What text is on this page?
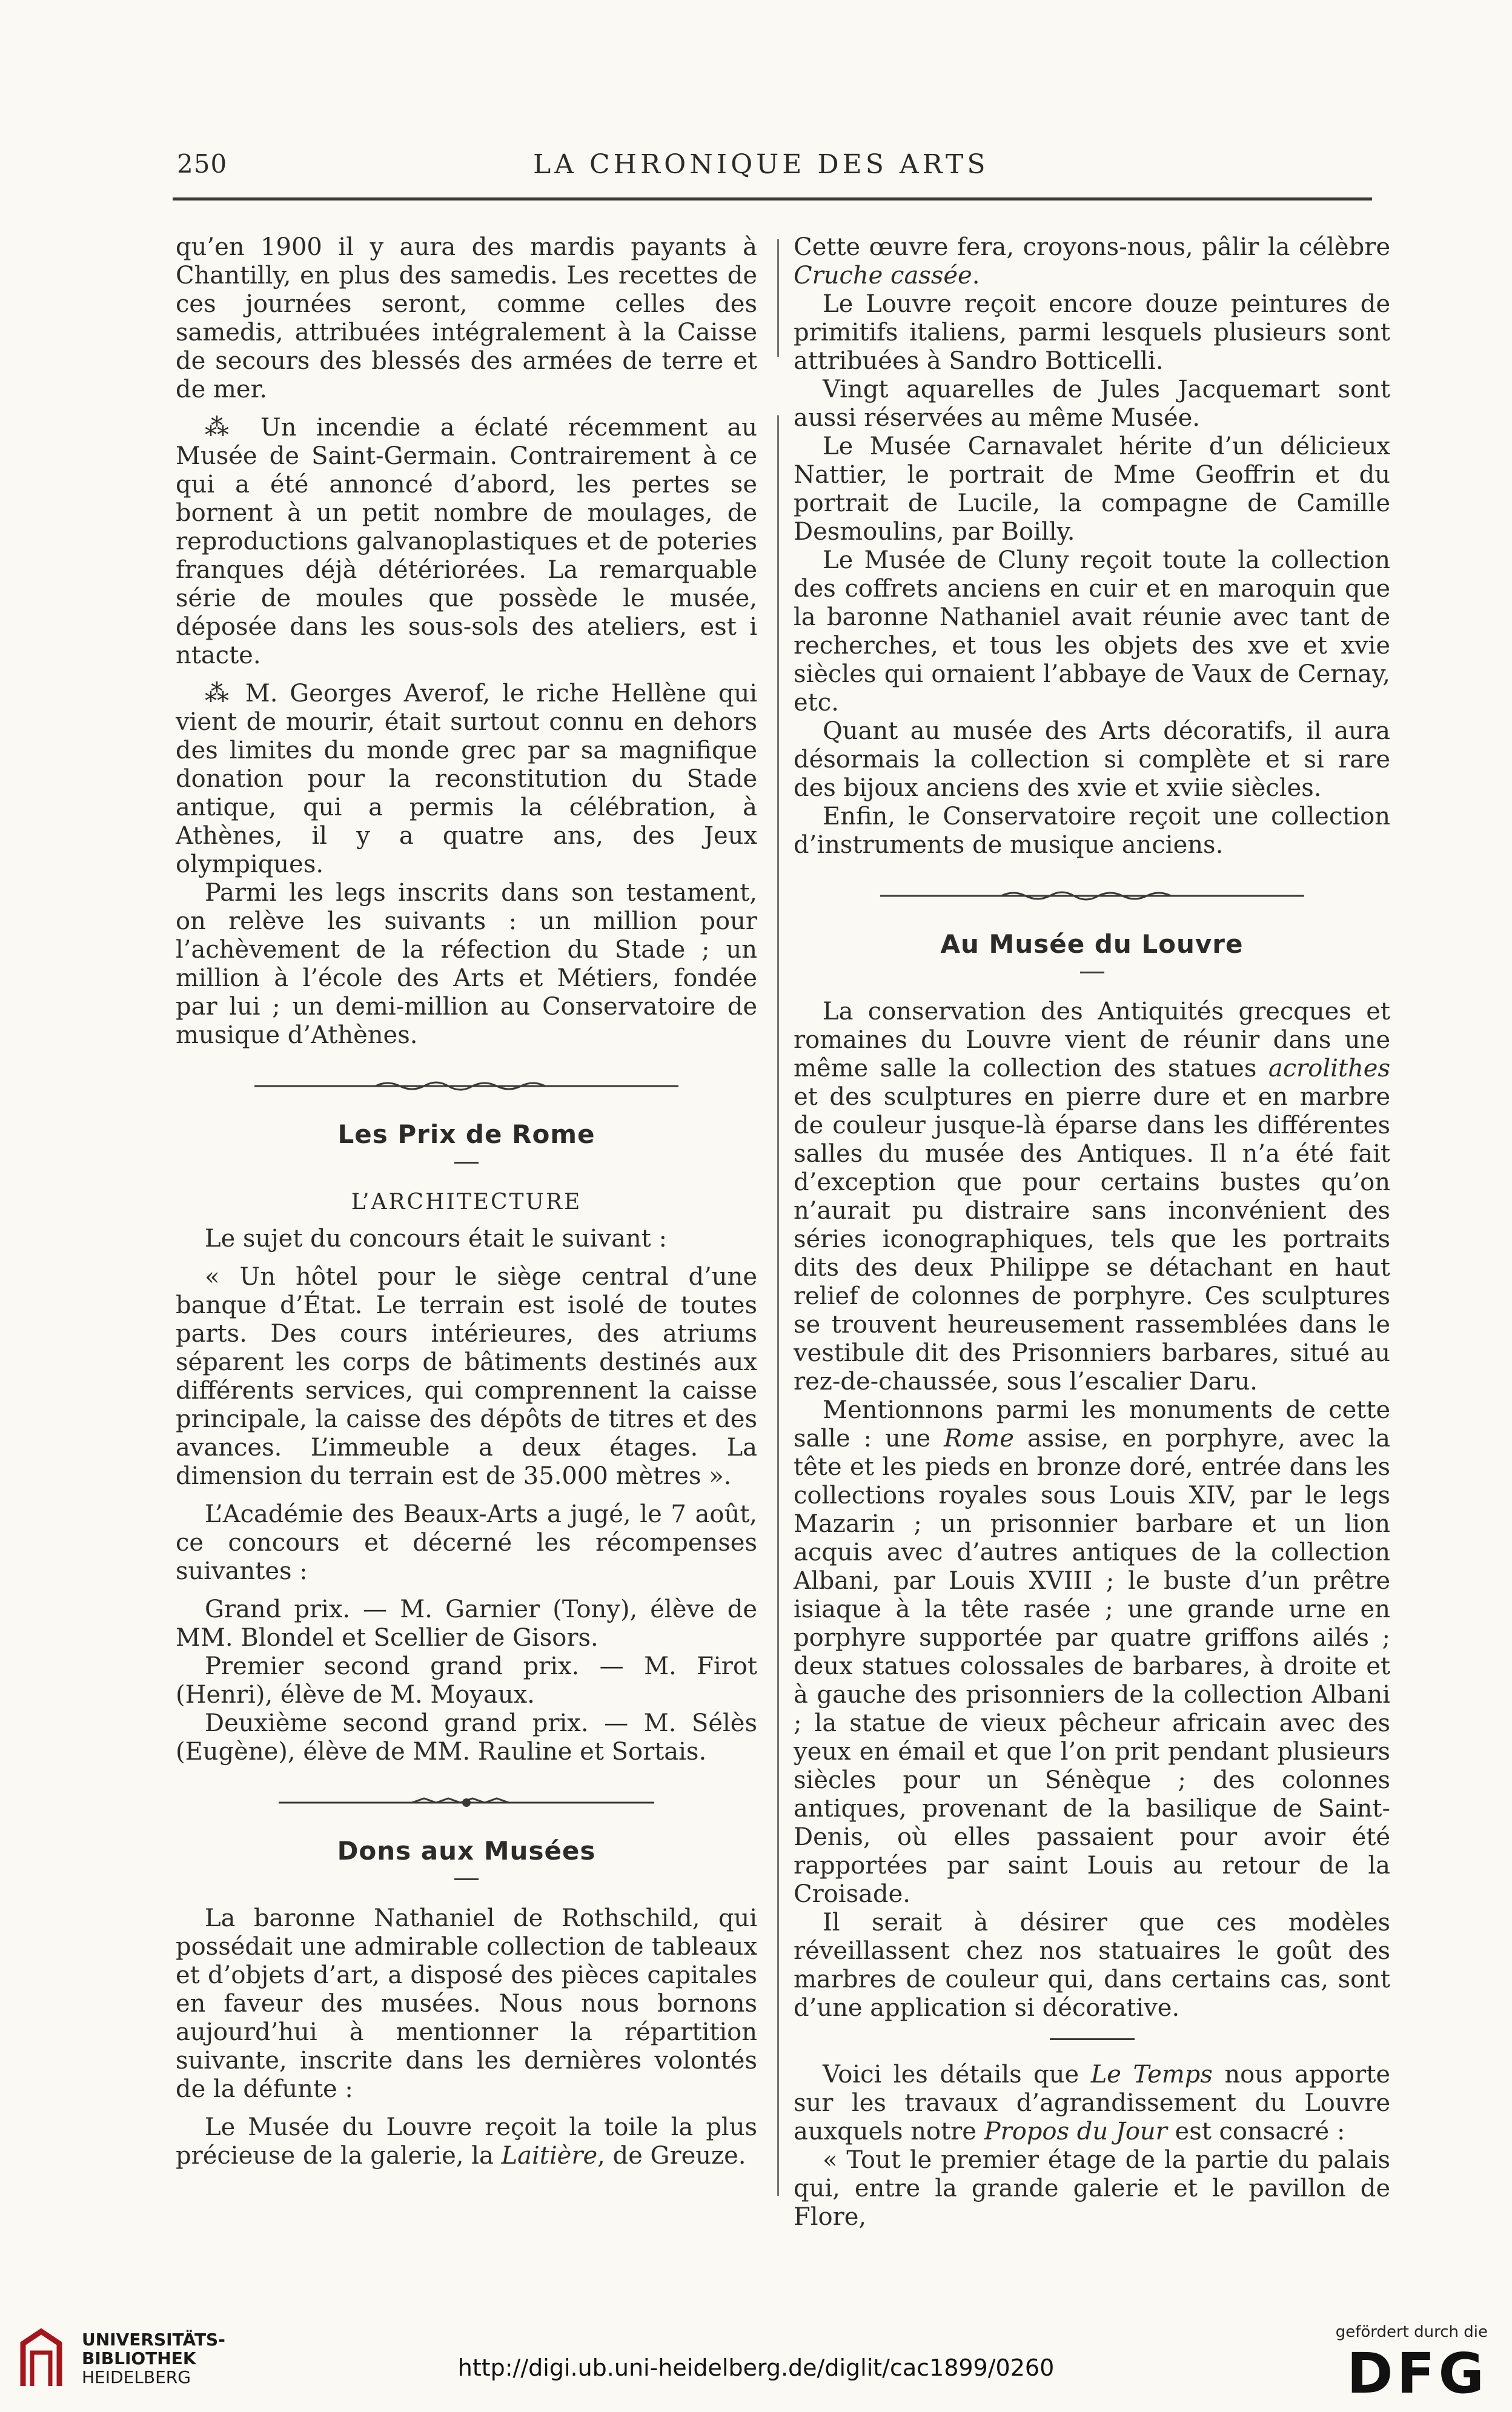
250	LA CHRONIQUE DES ARTS

qu’en 1900 il y aura des mardis payants à Chantilly, en plus des samedis. Les recettes de ces journées seront, comme celles des samedis, attribuées intégralement à la Caisse de secours des blessés des armées de terre et de mer.

⁂ Un incendie a éclaté récemment au Musée de Saint-Germain. Contrairement à ce qui a été annoncé d’abord, les pertes se bornent à un petit nombre de moulages, de reproductions galvanoplastiques et de poteries franques déjà détériorées. La remarquable série de moules que possède le musée, déposée dans les sous-sols des ateliers, est i ntacte.

⁂ M. Georges Averof, le riche Hellène qui vient de mourir, était surtout connu en dehors des limites du monde grec par sa magnifique donation pour la reconstitution du Stade antique, qui a permis la célébration, à Athènes, il y a quatre ans, des Jeux olympiques.

Parmi les legs inscrits dans son testament, on relève les suivants : un million pour l’achèvement de la réfection du Stade ; un million à l’école des Arts et Métiers, fondée par lui ; un demi-million au Conservatoire de musique d’Athènes.

Les Prix de Rome
L’ARCHITECTURE

Le sujet du concours était le suivant :

« Un hôtel pour le siège central d’une banque d’État. Le terrain est isolé de toutes parts. Des cours intérieures, des atriums séparent les corps de bâtiments destinés aux différents services, qui comprennent la caisse principale, la caisse des dépôts de titres et des avances. L’immeuble a deux étages. La dimension du terrain est de 35.000 mètres ».

L’Académie des Beaux-Arts a jugé, le 7 août, ce concours et décerné les récompenses suivantes :

Grand prix. — M. Garnier (Tony), élève de MM. Blondel et Scellier de Gisors.

Premier second grand prix. — M. Firot (Henri), élève de M. Moyaux.

Deuxième second grand prix. — M. Sélès (Eugène), élève de MM. Rauline et Sortais.

Dons aux Musées

La baronne Nathaniel de Rothschild, qui possédait une admirable collection de tableaux et d’objets d’art, a disposé des pièces capitales en faveur des musées. Nous nous bornons aujourd’hui à mentionner la répartition suivante, inscrite dans les dernières volontés de la défunte :

Le Musée du Louvre reçoit la toile la plus précieuse de la galerie, la Laitière, de Greuze.

Cette œuvre fera, croyons-nous, pâlir la célèbre Cruche cassée.

Le Louvre reçoit encore douze peintures de primitifs italiens, parmi lesquels plusieurs sont attribuées à Sandro Botticelli.

Vingt aquarelles de Jules Jacquemart sont aussi réservées au même Musée.

Le Musée Carnavalet hérite d’un délicieux Nattier, le portrait de Mme Geoffrin et du portrait de Lucile, la compagne de Camille Desmoulins, par Boilly.

Le Musée de Cluny reçoit toute la collection des coffrets anciens en cuir et en maroquin que la baronne Nathaniel avait réunie avec tant de recherches, et tous les objets des xve et xvie siècles qui ornaient l’abbaye de Vaux de Cernay, etc.

Quant au musée des Arts décoratifs, il aura désormais la collection si complète et si rare des bijoux anciens des xvie et xviie siècles.

Enfin, le Conservatoire reçoit une collection d’instruments de musique anciens.

Au Musée du Louvre

La conservation des Antiquités grecques et romaines du Louvre vient de réunir dans une même salle la collection des statues acrolithes et des sculptures en pierre dure et en marbre de couleur jusque-là éparse dans les différentes salles du musée des Antiques. Il n’a été fait d’exception que pour certains bustes qu’on n’aurait pu distraire sans inconvénient des séries iconographiques, tels que les portraits dits des deux Philippe se détachant en haut relief de colonnes de porphyre. Ces sculptures se trouvent heureusement rassemblées dans le vestibule dit des Prisonniers barbares, situé au rez-de-chaussée, sous l’escalier Daru.

Mentionnons parmi les monuments de cette salle : une Rome assise, en porphyre, avec la tête et les pieds en bronze doré, entrée dans les collections royales sous Louis XIV, par le legs Mazarin ; un prisonnier barbare et un lion acquis avec d’autres antiques de la collection Albani, par Louis XVIII ; le buste d’un prêtre isiaque à la tête rasée ; une grande urne en porphyre supportée par quatre griffons ailés ; deux statues colossales de barbares, à droite et à gauche des prisonniers de la collection Albani ; la statue de vieux pêcheur africain avec des yeux en émail et que l’on prit pendant plusieurs siècles pour un Sénèque ; des colonnes antiques, provenant de la basilique de Saint-Denis, où elles passaient pour avoir été rapportées par saint Louis au retour de la Croisade.

Il serait à désirer que ces modèles réveillassent chez nos statuaires le goût des marbres de couleur qui, dans certains cas, sont d’une application si décorative.

Voici les détails que Le Temps nous apporte sur les travaux d’agrandissement du Louvre auxquels notre Propos du Jour est consacré :

« Tout le premier étage de la partie du palais qui, entre la grande galerie et le pavillon de Flore,

UNIVERSITÄTS-
BIBLIOTHEK
HEIDELBERG	http://digi.ub.uni-heidelberg.de/diglit/cac1899/0260
gefördert durch die
DFG
